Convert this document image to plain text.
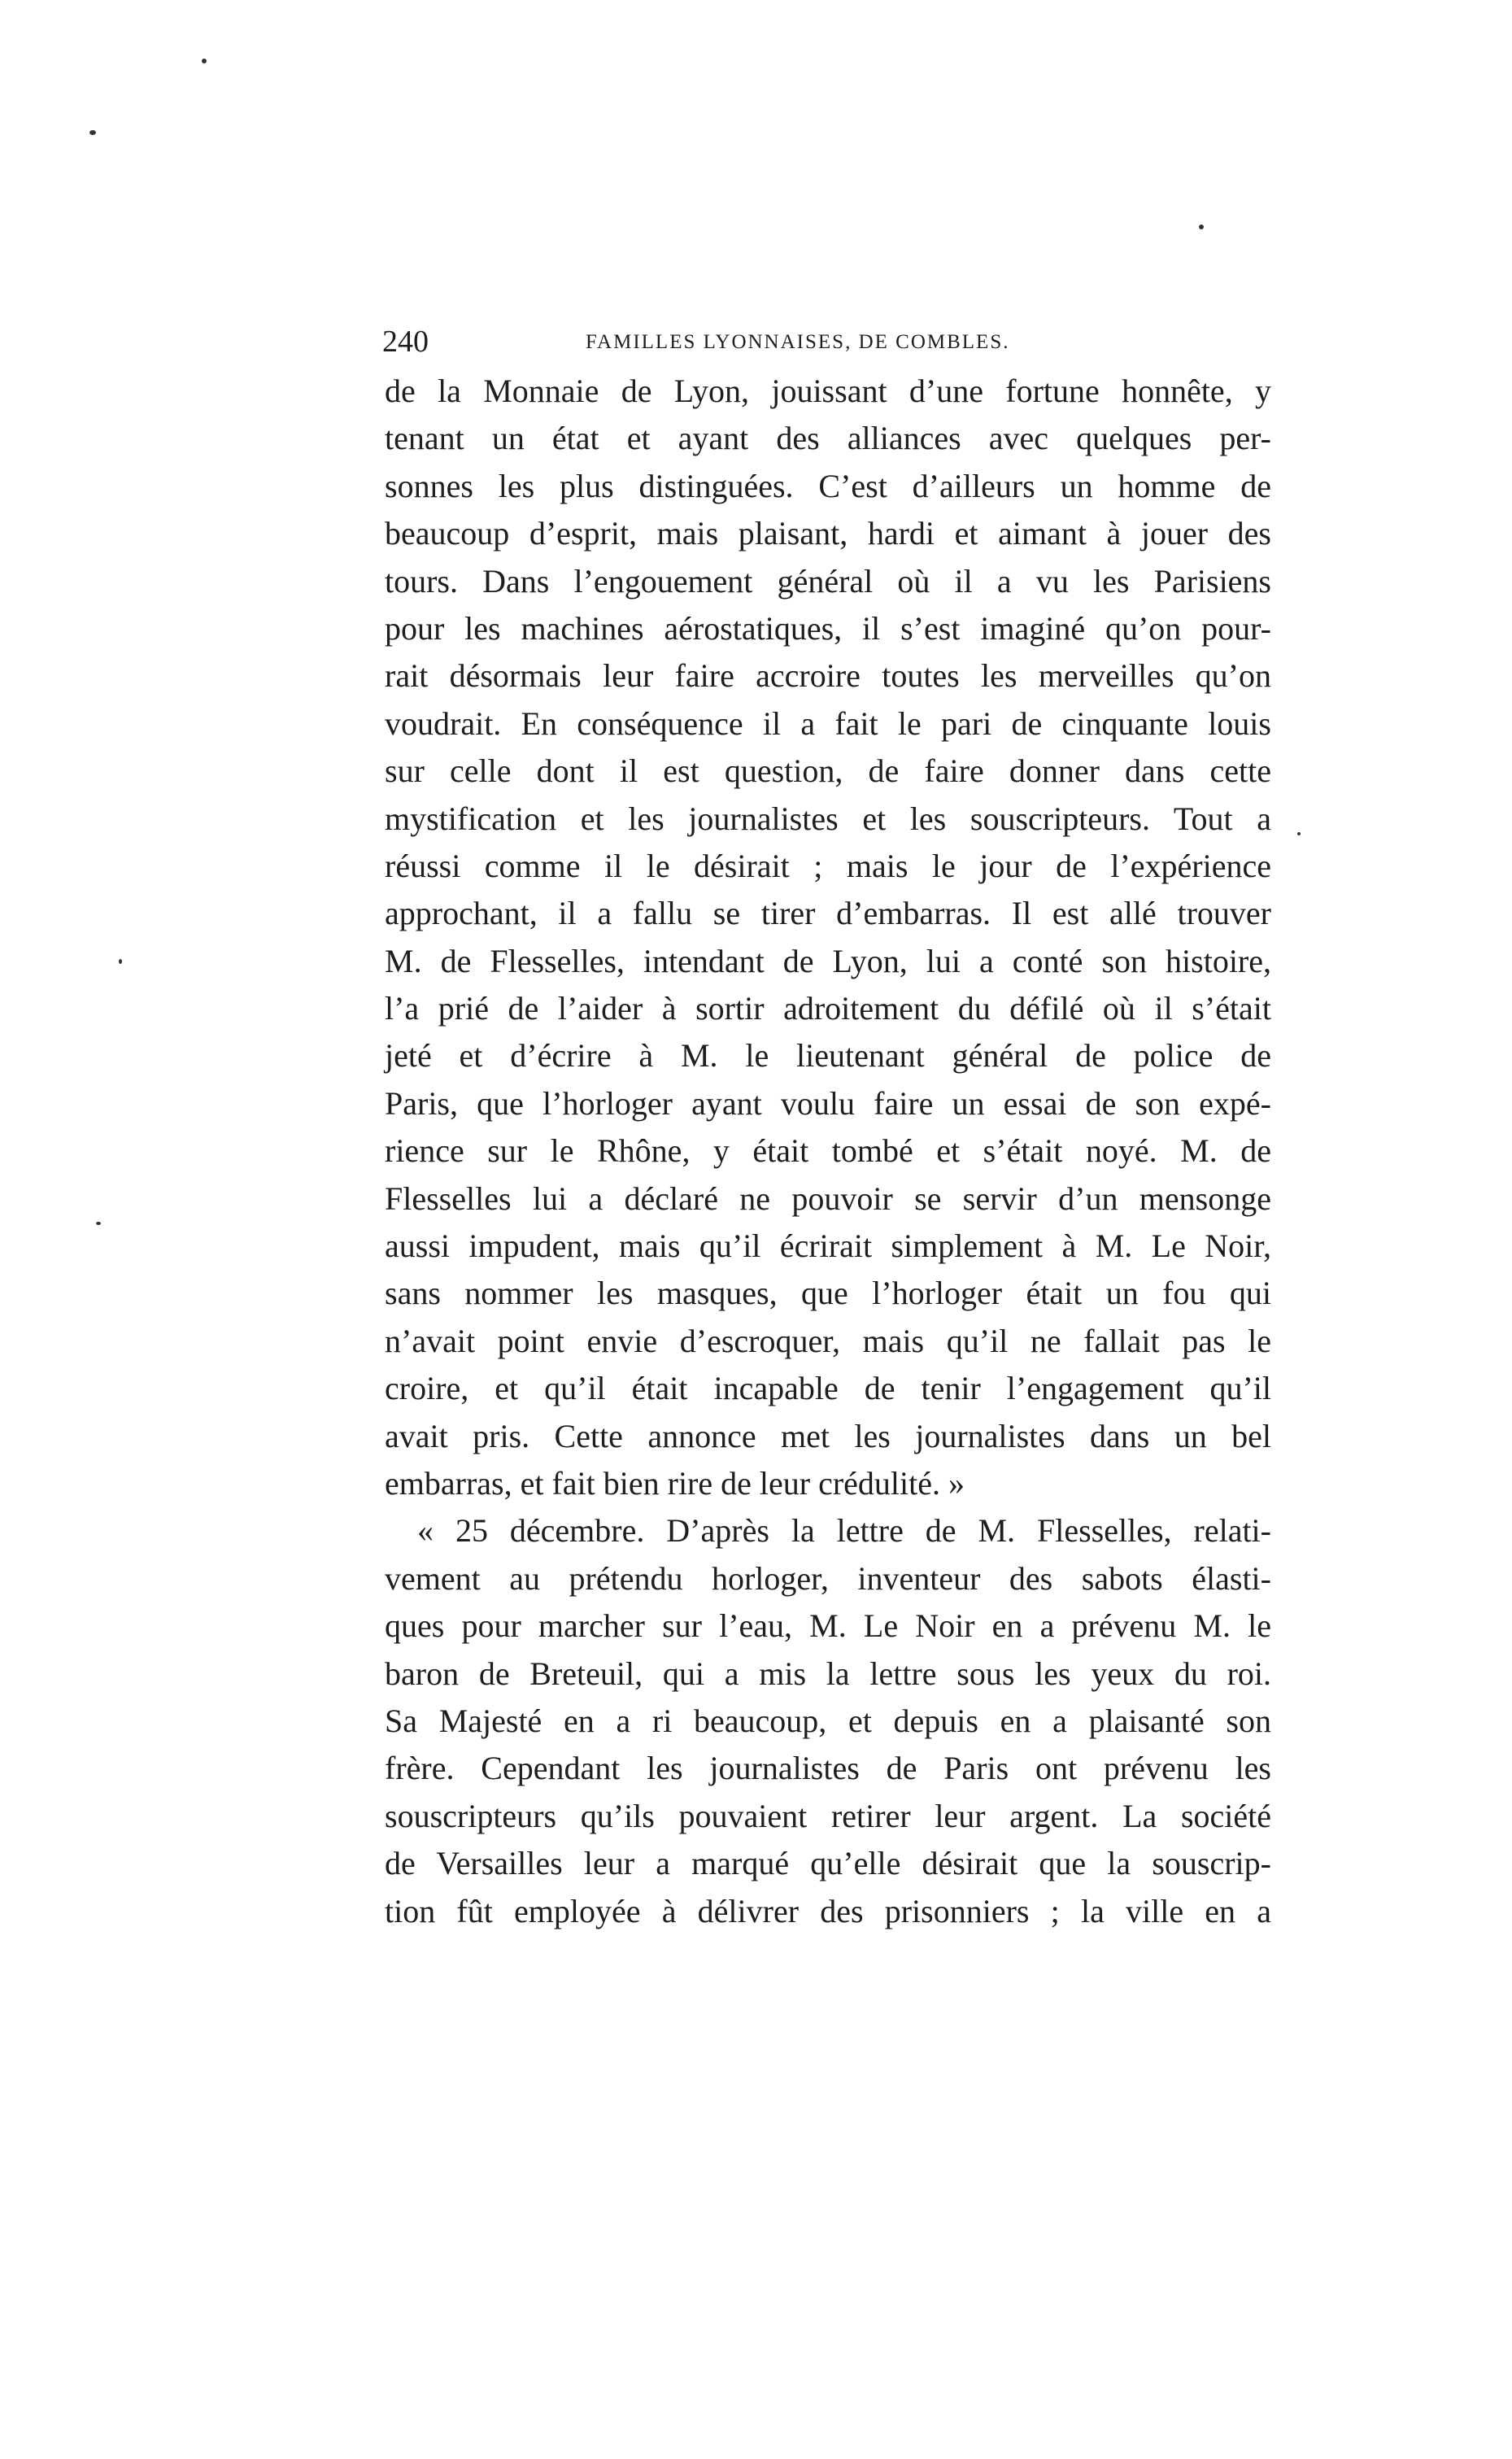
240	FAMILLES LYONNAISES, DE COMBLES.
de la Monnaie de Lyon, jouissant d’une fortune honnête, y
tenant un état et ayant des alliances avec quelques per-
sonnes les plus distinguées. C’est d’ailleurs un homme de
beaucoup d’esprit, mais plaisant, hardi et aimant à jouer des
tours. Dans l’engouement général où il a vu les Parisiens
pour les machines aérostatiques, il s’est imaginé qu’on pour-
rait désormais leur faire accroire toutes les merveilles qu’on
voudrait. En conséquence il a fait le pari de cinquante louis
sur celle dont il est question, de faire donner dans cette
mystification et les journalistes et les souscripteurs. Tout a
réussi comme il le désirait ; mais le jour de l’expérience
approchant, il a fallu se tirer d’embarras. Il est allé trouver
M. de Flesselles, intendant de Lyon, lui a conté son histoire,
l’a prié de l’aider à sortir adroitement du défilé où il s’était
jeté et d’écrire à M. le lieutenant général de police de
Paris, que l’horloger ayant voulu faire un essai de son expé-
rience sur le Rhône, y était tombé et s’était noyé. M. de
Flesselles lui a déclaré ne pouvoir se servir d’un mensonge
aussi impudent, mais qu’il écrirait simplement à M. Le Noir,
sans nommer les masques, que l’horloger était un fou qui
n’avait point envie d’escroquer, mais qu’il ne fallait pas le
croire, et qu’il était incapable de tenir l’engagement qu’il
avait pris. Cette annonce met les journalistes dans un bel
embarras, et fait bien rire de leur crédulité. »
« 25 décembre. D’après la lettre de M. Flesselles, relati-
vement au prétendu horloger, inventeur des sabots élasti-
ques pour marcher sur l’eau, M. Le Noir en a prévenu M. le
baron de Breteuil, qui a mis la lettre sous les yeux du roi.
Sa Majesté en a ri beaucoup, et depuis en a plaisanté son
frère. Cependant les journalistes de Paris ont prévenu les
souscripteurs qu’ils pouvaient retirer leur argent. La société
de Versailles leur a marqué qu’elle désirait que la souscrip-
tion fût employée à délivrer des prisonniers ; la ville en a
